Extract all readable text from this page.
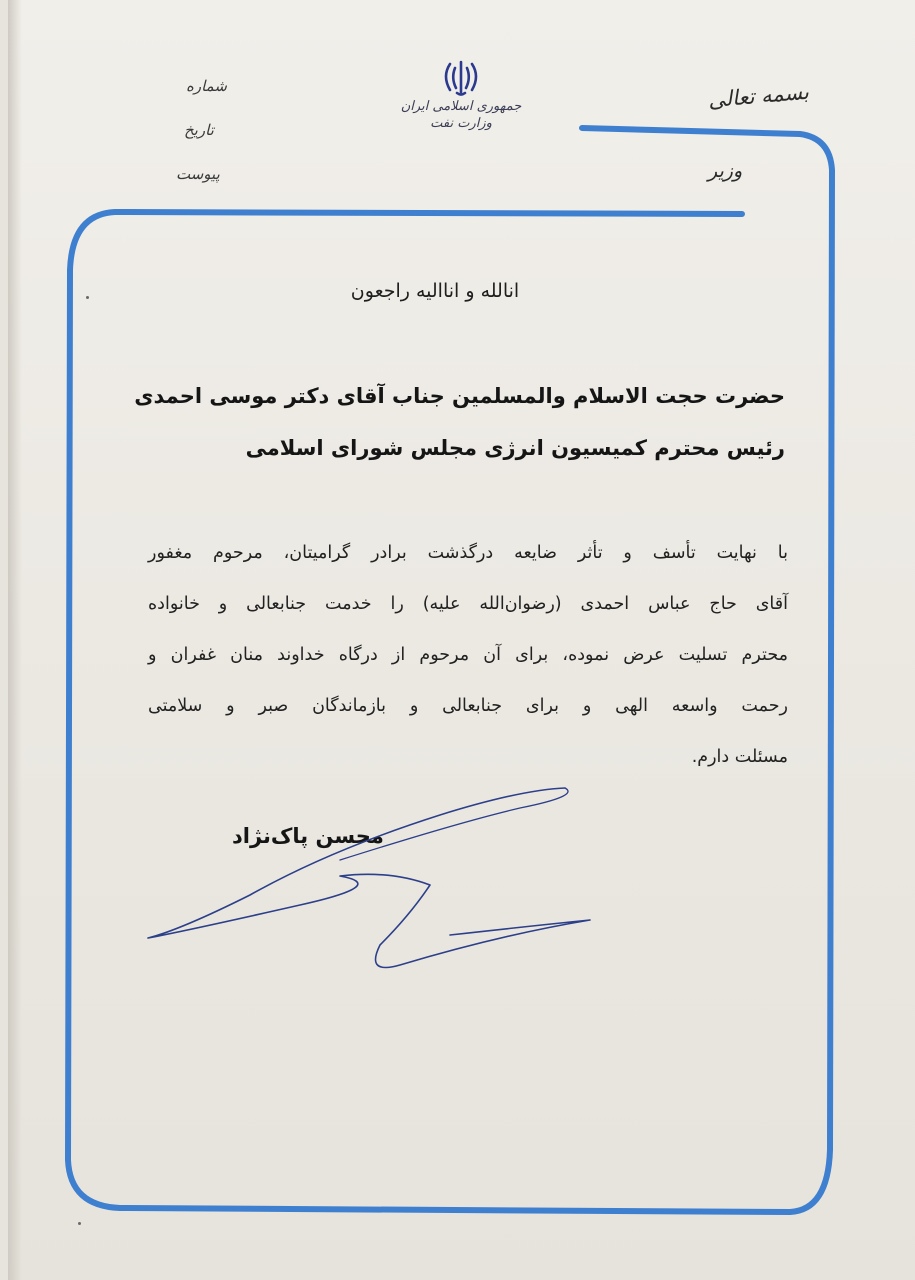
شماره
تاریخ
پیوست
جمهوری اسلامی ایران
وزارت نفت
بسمه تعالی
وزیر
انالله و اناالیه راجعون
حضرت حجت الاسلام والمسلمین جناب آقای دکتر موسی احمدی
رئیس محترم کمیسیون انرژی مجلس شورای اسلامی
با نهایت تأسف و تأثر ضایعه درگذشت برادر گرامیتان، مرحوم مغفور
آقای حاج عباس احمدی (رضوان‌الله علیه) را خدمت جنابعالی و خانواده
محترم تسلیت عرض نموده، برای آن مرحوم از درگاه خداوند منان غفران و
رحمت واسعه الهی و برای جنابعالی و بازماندگان صبر و سلامتی
مسئلت دارم.
محسن پاک‌نژاد
